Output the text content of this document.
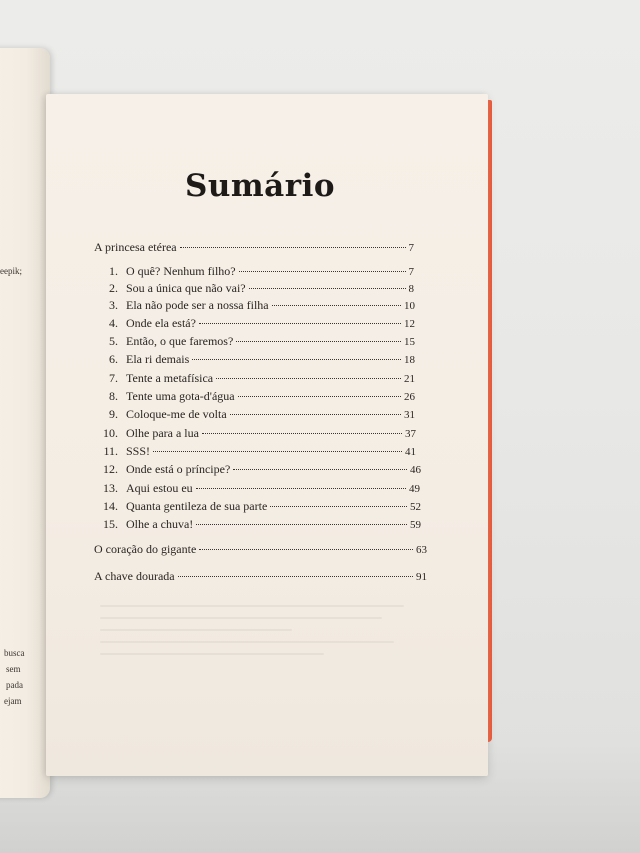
eepik;
busca
sem
pada
ejam
Sumário
A princesa etérea	7
1. O quê? Nenhum filho?	7
2. Sou a única que não vai?	8
3. Ela não pode ser a nossa filha	10
4. Onde ela está?	12
5. Então, o que faremos?	15
6. Ela ri demais	18
7. Tente a metafísica	21
8. Tente uma gota-d'água	26
9. Coloque-me de volta	31
10. Olhe para a lua	37
11. SSS!	41
12. Onde está o príncipe?	46
13. Aqui estou eu	49
14. Quanta gentileza de sua parte	52
15. Olhe a chuva!	59
O coração do gigante	63
A chave dourada	91
